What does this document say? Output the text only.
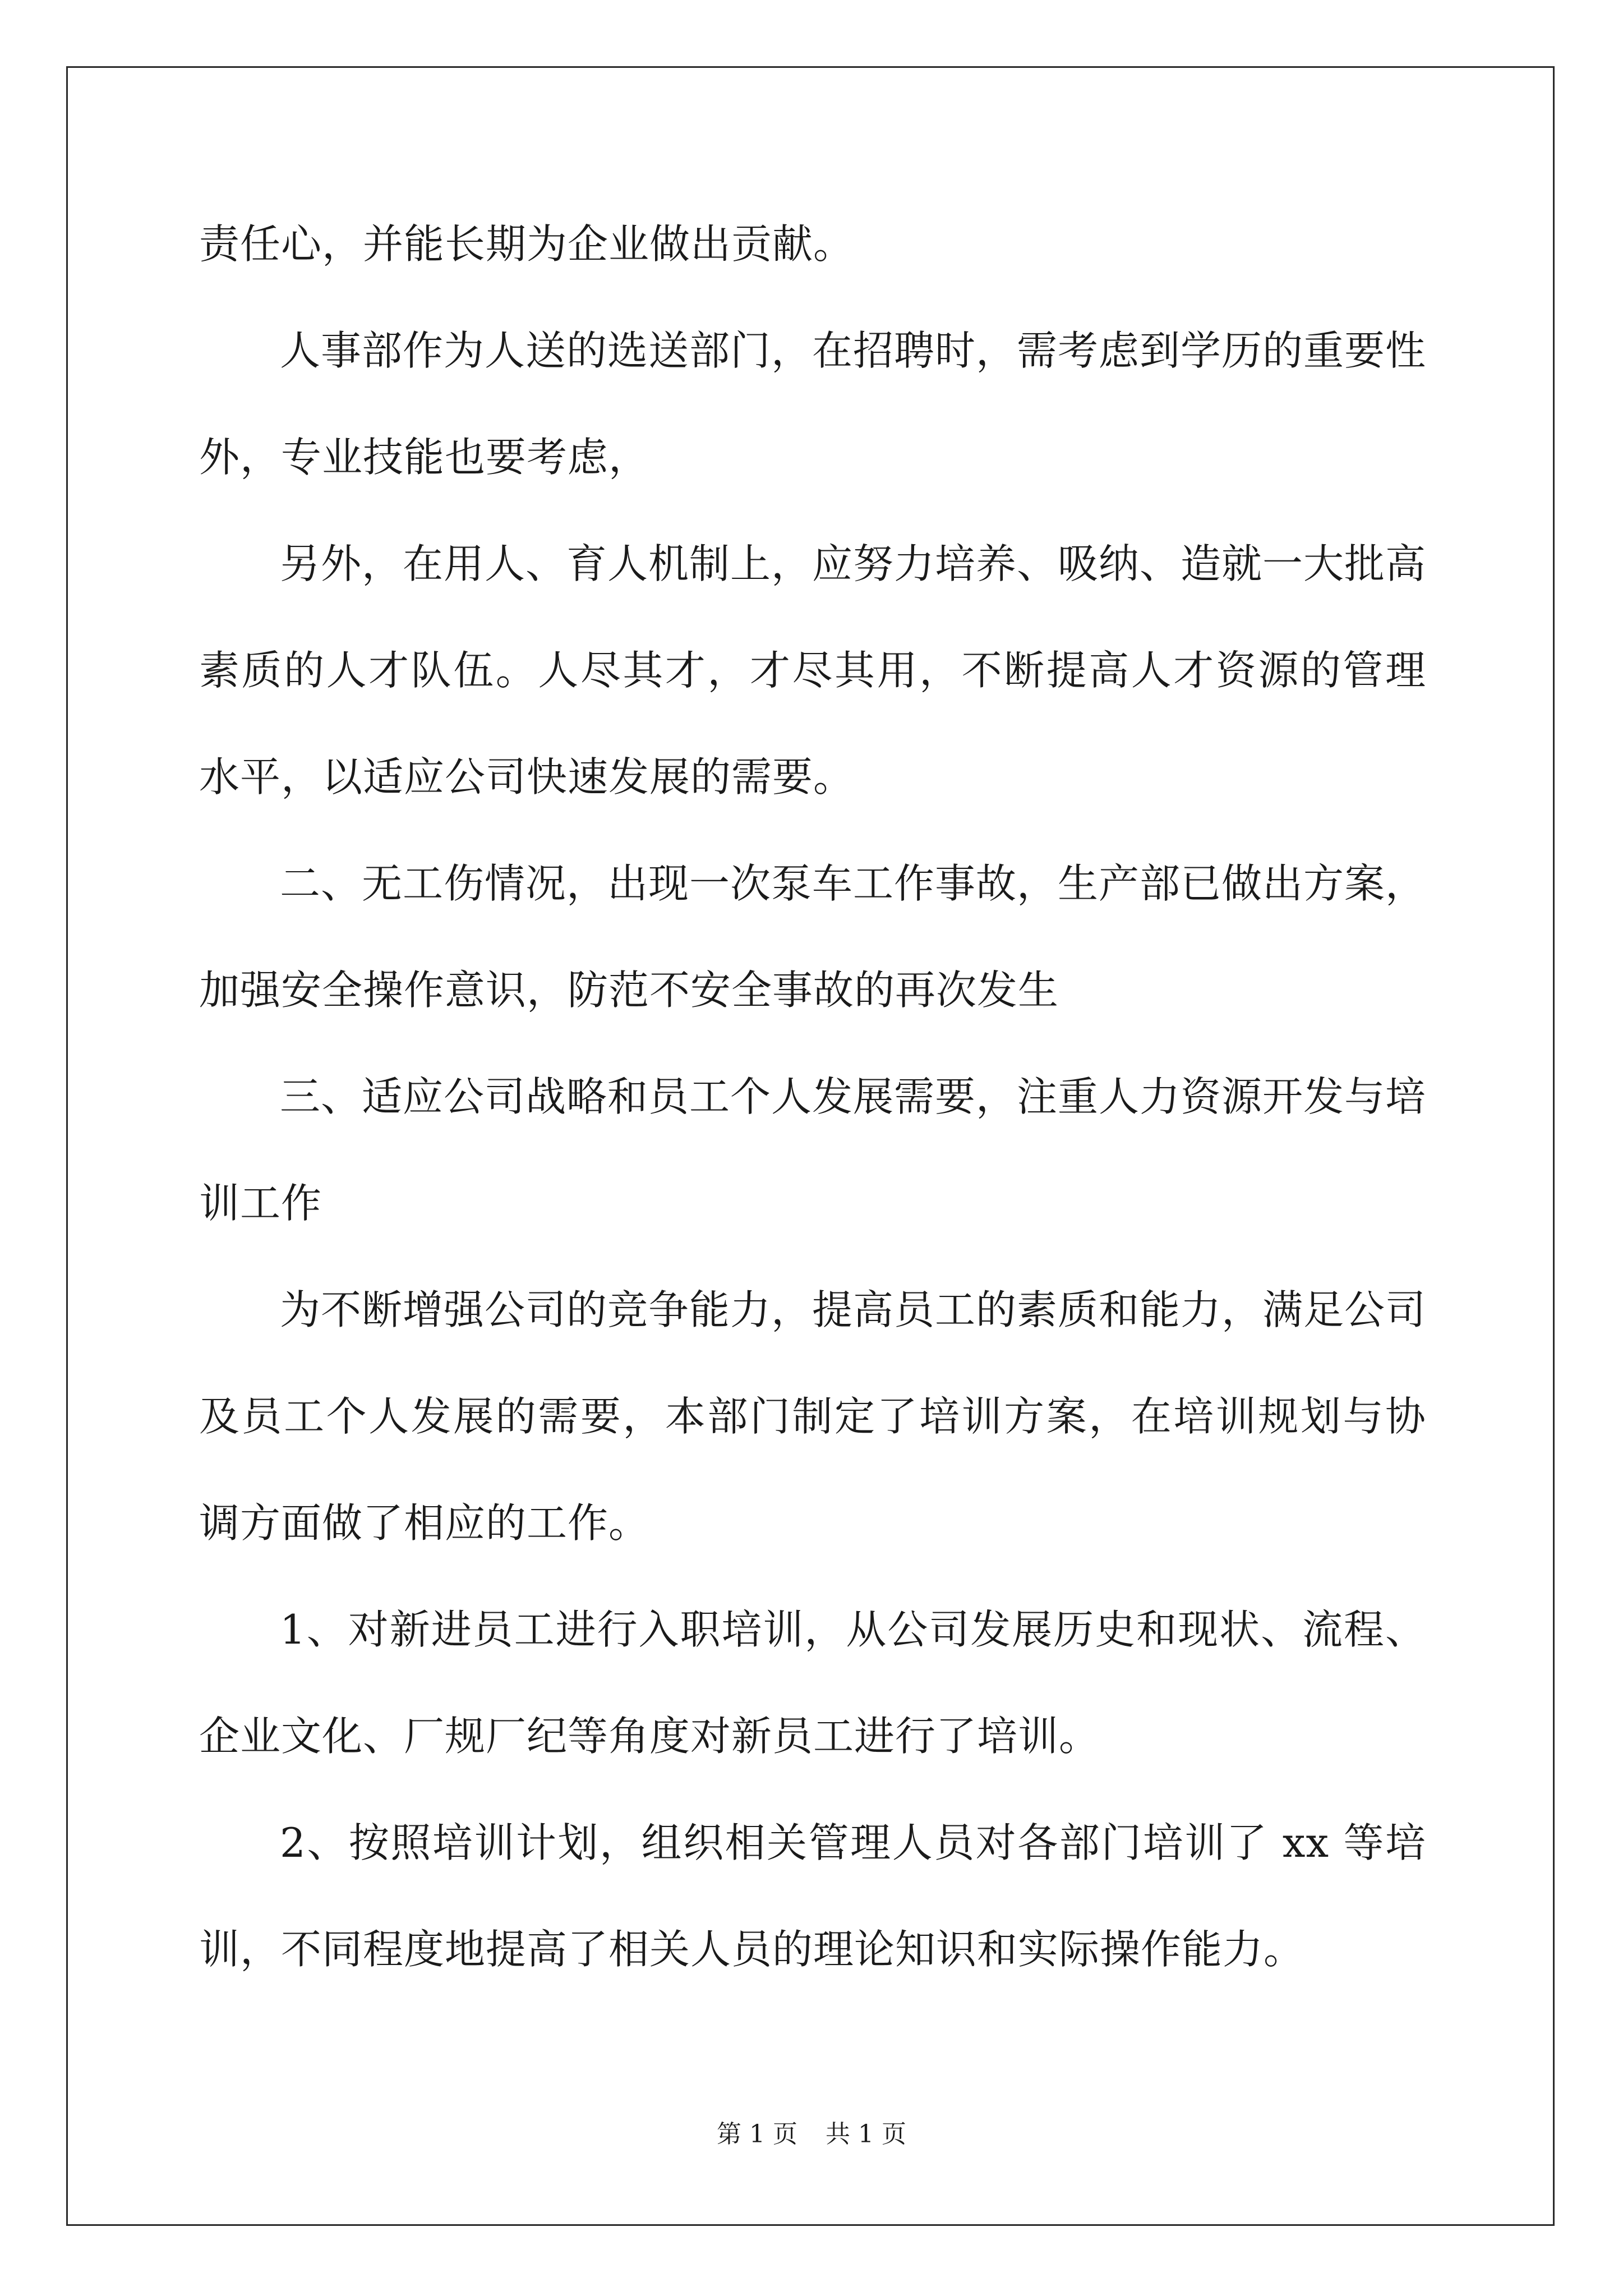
责任心，并能长期为企业做出贡献。

人事部作为人送的选送部门，在招聘时，需考虑到学历的重要性外，专业技能也要考虑，

另外，在用人、育人机制上，应努力培养、吸纳、造就一大批高素质的人才队伍。人尽其才，才尽其用，不断提高人才资源的管理水平，以适应公司快速发展的需要。

二、无工伤情况，出现一次泵车工作事故，生产部已做出方案，加强安全操作意识，防范不安全事故的再次发生

三、适应公司战略和员工个人发展需要，注重人力资源开发与培训工作

为不断增强公司的竞争能力，提高员工的素质和能力，满足公司及员工个人发展的需要，本部门制定了培训方案，在培训规划与协调方面做了相应的工作。

1、对新进员工进行入职培训，从公司发展历史和现状、流程、企业文化、厂规厂纪等角度对新员工进行了培训。

2、按照培训计划，组织相关管理人员对各部门培训了 xx 等培训，不同程度地提高了相关人员的理论知识和实际操作能力。

第 1 页 共 1 页
